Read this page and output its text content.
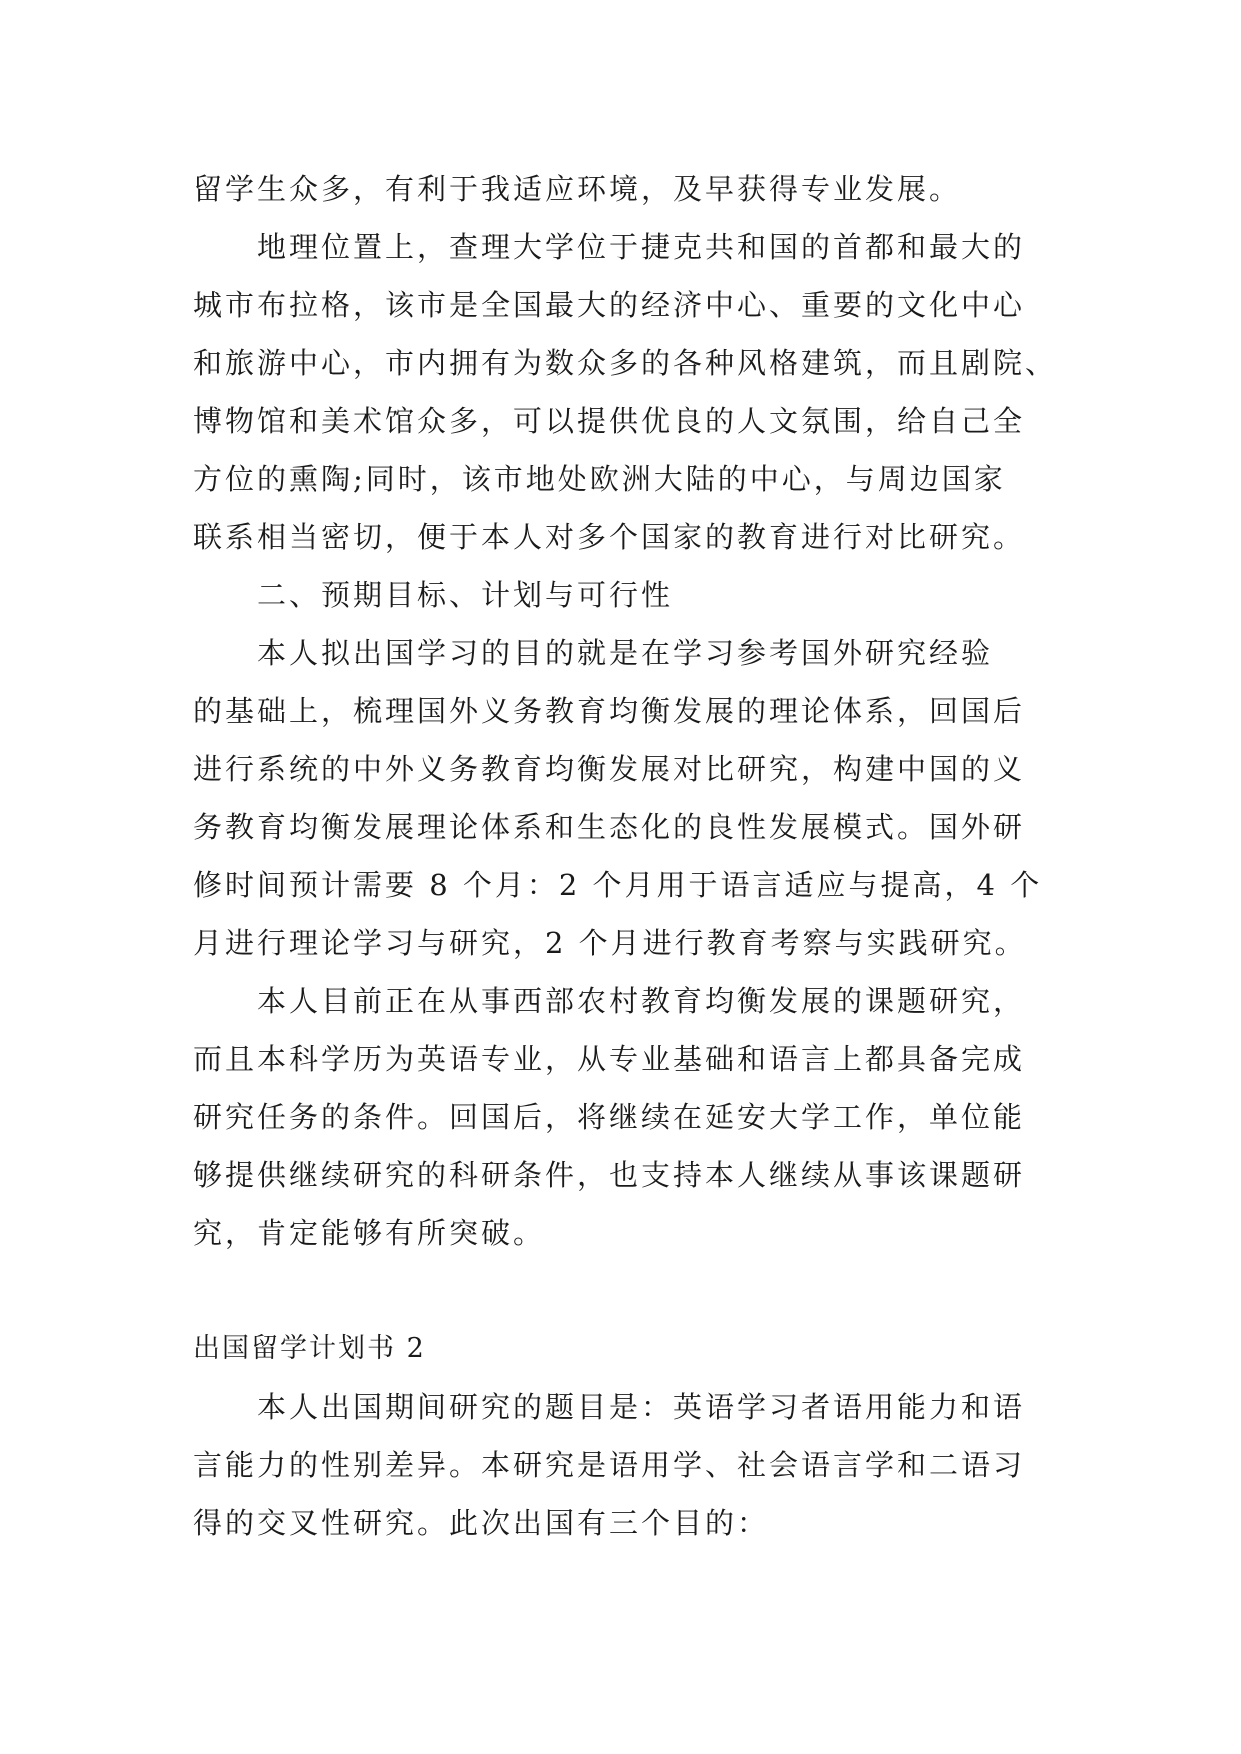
留学生众多，有利于我适应环境，及早获得专业发展。

地理位置上，查理大学位于捷克共和国的首都和最大的

城市布拉格，该市是全国最大的经济中心、重要的文化中心

和旅游中心，市内拥有为数众多的各种风格建筑，而且剧院、

博物馆和美术馆众多，可以提供优良的人文氛围，给自己全

方位的熏陶;同时，该市地处欧洲大陆的中心，与周边国家

联系相当密切，便于本人对多个国家的教育进行对比研究。

二、预期目标、计划与可行性

本人拟出国学习的目的就是在学习参考国外研究经验

的基础上，梳理国外义务教育均衡发展的理论体系，回国后

进行系统的中外义务教育均衡发展对比研究，构建中国的义

务教育均衡发展理论体系和生态化的良性发展模式。国外研

修时间预计需要 8 个月：2 个月用于语言适应与提高，4 个

月进行理论学习与研究，2 个月进行教育考察与实践研究。

本人目前正在从事西部农村教育均衡发展的课题研究，

而且本科学历为英语专业，从专业基础和语言上都具备完成

研究任务的条件。回国后，将继续在延安大学工作，单位能

够提供继续研究的科研条件，也支持本人继续从事该课题研

究，肯定能够有所突破。

出国留学计划书 2

本人出国期间研究的题目是：英语学习者语用能力和语

言能力的性别差异。本研究是语用学、社会语言学和二语习

得的交叉性研究。此次出国有三个目的：
